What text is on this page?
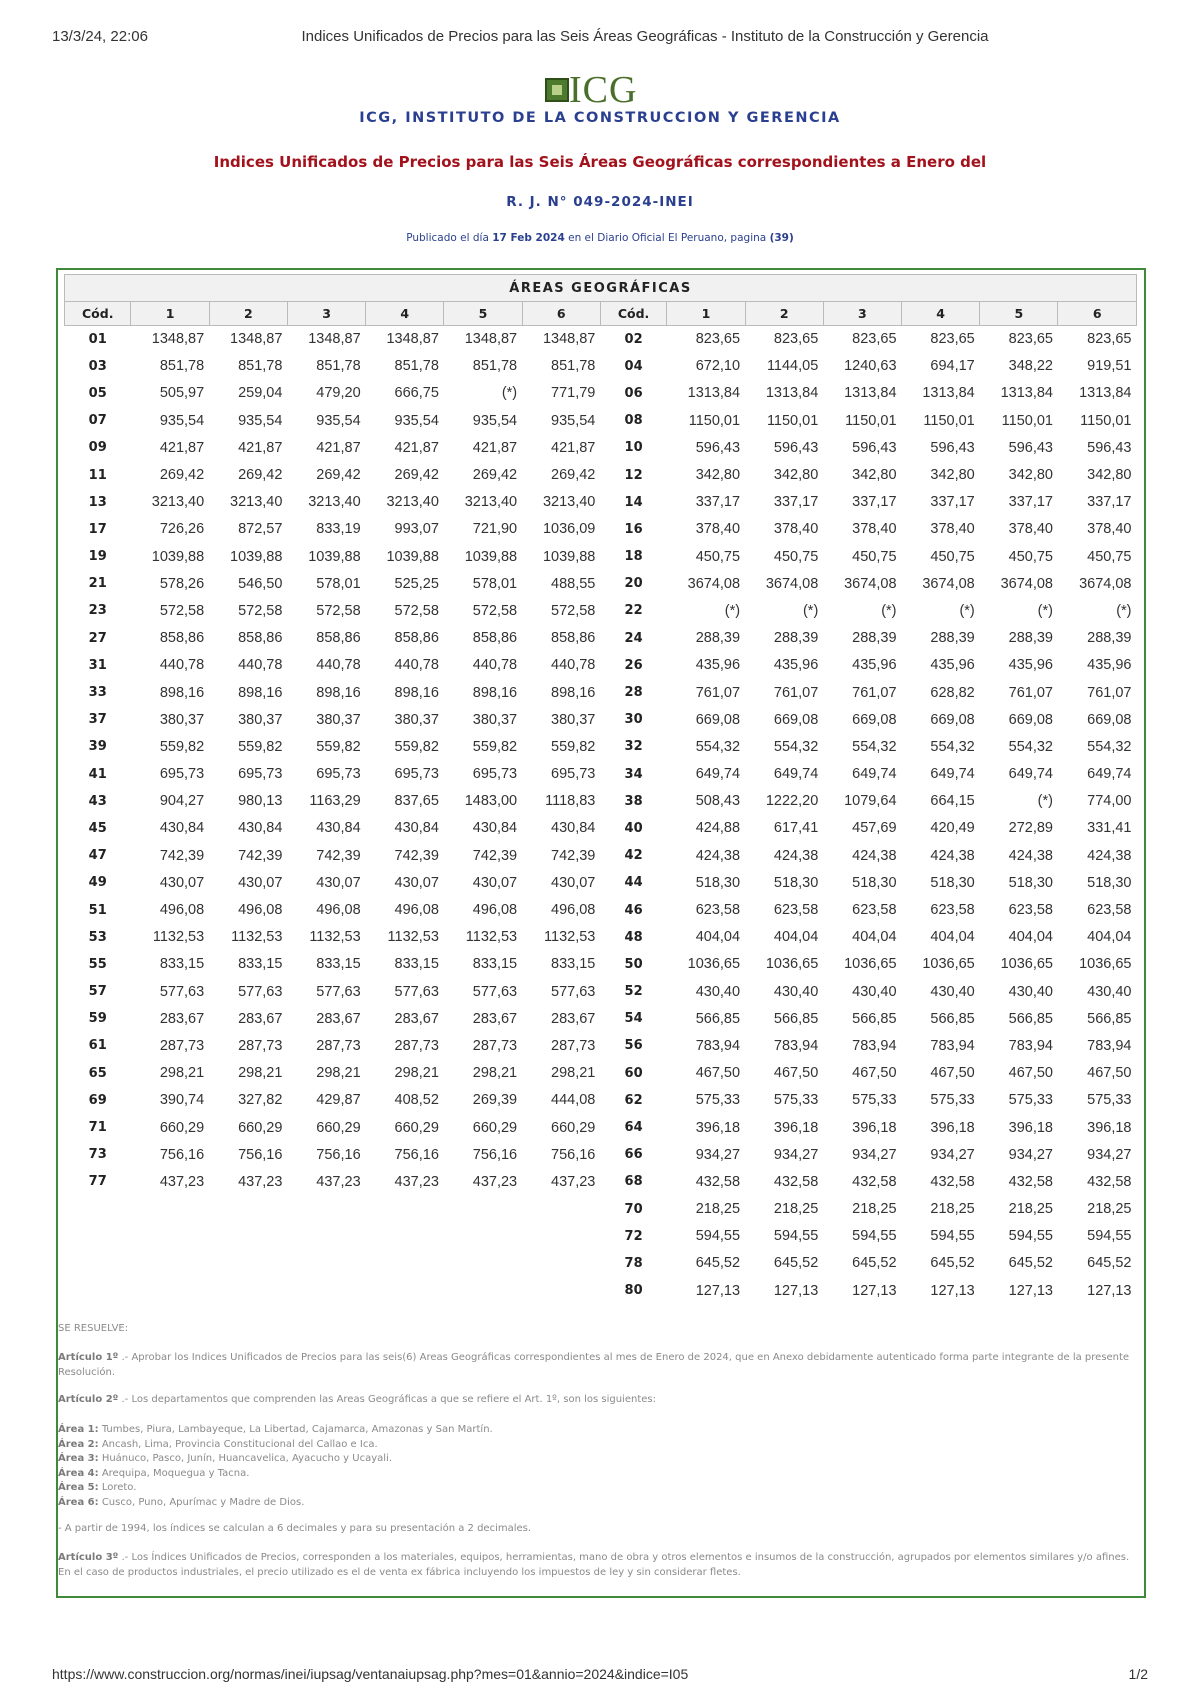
13/3/24, 22:06	Indices Unificados de Precios para las Seis Áreas Geográficas - Instituto de la Construcción y Gerencia
ICG
ICG, INSTITUTO DE LA CONSTRUCCION Y GERENCIA
Indices Unificados de Precios para las Seis Áreas Geográficas correspondientes a Enero del
R. J. N° 049-2024-INEI
Publicado el día 17 Feb 2024 en el Diario Oficial El Peruano, pagina (39)
ÁREAS GEOGRÁFICAS													
Cód.	1	2	3	4	5	6	Cód.	1	2	3	4	5	6
01	1348,87	1348,87	1348,87	1348,87	1348,87	1348,87	02	823,65	823,65	823,65	823,65	823,65	823,65
03	851,78	851,78	851,78	851,78	851,78	851,78	04	672,10	1144,05	1240,63	694,17	348,22	919,51
05	505,97	259,04	479,20	666,75	(*)	771,79	06	1313,84	1313,84	1313,84	1313,84	1313,84	1313,84
07	935,54	935,54	935,54	935,54	935,54	935,54	08	1150,01	1150,01	1150,01	1150,01	1150,01	1150,01
09	421,87	421,87	421,87	421,87	421,87	421,87	10	596,43	596,43	596,43	596,43	596,43	596,43
11	269,42	269,42	269,42	269,42	269,42	269,42	12	342,80	342,80	342,80	342,80	342,80	342,80
13	3213,40	3213,40	3213,40	3213,40	3213,40	3213,40	14	337,17	337,17	337,17	337,17	337,17	337,17
17	726,26	872,57	833,19	993,07	721,90	1036,09	16	378,40	378,40	378,40	378,40	378,40	378,40
19	1039,88	1039,88	1039,88	1039,88	1039,88	1039,88	18	450,75	450,75	450,75	450,75	450,75	450,75
21	578,26	546,50	578,01	525,25	578,01	488,55	20	3674,08	3674,08	3674,08	3674,08	3674,08	3674,08
23	572,58	572,58	572,58	572,58	572,58	572,58	22	(*)	(*)	(*)	(*)	(*)	(*)
27	858,86	858,86	858,86	858,86	858,86	858,86	24	288,39	288,39	288,39	288,39	288,39	288,39
31	440,78	440,78	440,78	440,78	440,78	440,78	26	435,96	435,96	435,96	435,96	435,96	435,96
33	898,16	898,16	898,16	898,16	898,16	898,16	28	761,07	761,07	761,07	628,82	761,07	761,07
37	380,37	380,37	380,37	380,37	380,37	380,37	30	669,08	669,08	669,08	669,08	669,08	669,08
39	559,82	559,82	559,82	559,82	559,82	559,82	32	554,32	554,32	554,32	554,32	554,32	554,32
41	695,73	695,73	695,73	695,73	695,73	695,73	34	649,74	649,74	649,74	649,74	649,74	649,74
43	904,27	980,13	1163,29	837,65	1483,00	1118,83	38	508,43	1222,20	1079,64	664,15	(*)	774,00
45	430,84	430,84	430,84	430,84	430,84	430,84	40	424,88	617,41	457,69	420,49	272,89	331,41
47	742,39	742,39	742,39	742,39	742,39	742,39	42	424,38	424,38	424,38	424,38	424,38	424,38
49	430,07	430,07	430,07	430,07	430,07	430,07	44	518,30	518,30	518,30	518,30	518,30	518,30
51	496,08	496,08	496,08	496,08	496,08	496,08	46	623,58	623,58	623,58	623,58	623,58	623,58
53	1132,53	1132,53	1132,53	1132,53	1132,53	1132,53	48	404,04	404,04	404,04	404,04	404,04	404,04
55	833,15	833,15	833,15	833,15	833,15	833,15	50	1036,65	1036,65	1036,65	1036,65	1036,65	1036,65
57	577,63	577,63	577,63	577,63	577,63	577,63	52	430,40	430,40	430,40	430,40	430,40	430,40
59	283,67	283,67	283,67	283,67	283,67	283,67	54	566,85	566,85	566,85	566,85	566,85	566,85
61	287,73	287,73	287,73	287,73	287,73	287,73	56	783,94	783,94	783,94	783,94	783,94	783,94
65	298,21	298,21	298,21	298,21	298,21	298,21	60	467,50	467,50	467,50	467,50	467,50	467,50
69	390,74	327,82	429,87	408,52	269,39	444,08	62	575,33	575,33	575,33	575,33	575,33	575,33
71	660,29	660,29	660,29	660,29	660,29	660,29	64	396,18	396,18	396,18	396,18	396,18	396,18
73	756,16	756,16	756,16	756,16	756,16	756,16	66	934,27	934,27	934,27	934,27	934,27	934,27
77	437,23	437,23	437,23	437,23	437,23	437,23	68	432,58	432,58	432,58	432,58	432,58	432,58
							70	218,25	218,25	218,25	218,25	218,25	218,25
							72	594,55	594,55	594,55	594,55	594,55	594,55
							78	645,52	645,52	645,52	645,52	645,52	645,52
							80	127,13	127,13	127,13	127,13	127,13	127,13
SE RESUELVE:
Artículo 1º .- Aprobar los Indices Unificados de Precios para las seis(6) Areas Geográficas correspondientes al mes de Enero de 2024, que en Anexo debidamente autenticado forma parte integrante de la presente Resolución.
Artículo 2º .- Los departamentos que comprenden las Areas Geográficas a que se refiere el Art. 1º, son los siguientes:
Área 1: Tumbes, Piura, Lambayeque, La Libertad, Cajamarca, Amazonas y San Martín.
Área 2: Ancash, Lima, Provincia Constitucional del Callao e Ica.
Área 3: Huánuco, Pasco, Junín, Huancavelica, Ayacucho y Ucayali.
Área 4: Arequipa, Moquegua y Tacna.
Área 5: Loreto.
Área 6: Cusco, Puno, Apurímac y Madre de Dios.
- A partir de 1994, los índices se calculan a 6 decimales y para su presentación a 2 decimales.
Artículo 3º .- Los Índices Unificados de Precios, corresponden a los materiales, equipos, herramientas, mano de obra y otros elementos e insumos de la construcción, agrupados por elementos similares y/o afines. En el caso de productos industriales, el precio utilizado es el de venta ex fábrica incluyendo los impuestos de ley y sin considerar fletes.
https://www.construccion.org/normas/inei/iupsag/ventanaiupsag.php?mes=01&annio=2024&indice=I05	1/2
